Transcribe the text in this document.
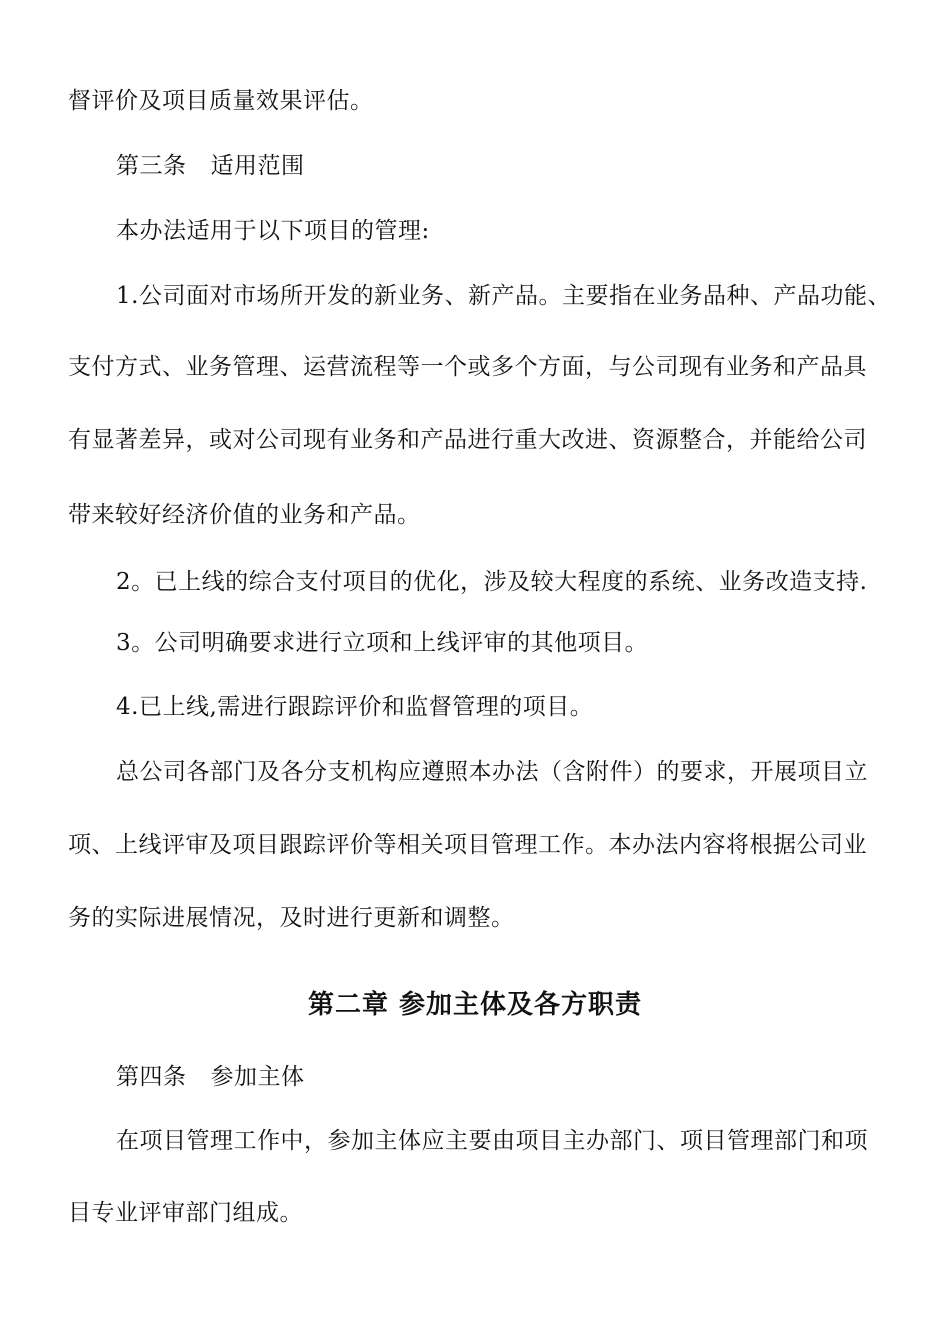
督评价及项目质量效果评估。
第三条 适用范围
本办法适用于以下项目的管理:
1.公司面对市场所开发的新业务、新产品。主要指在业务品种、产品功能、
支付方式、业务管理、运营流程等一个或多个方面，与公司现有业务和产品具
有显著差异，或对公司现有业务和产品进行重大改进、资源整合，并能给公司
带来较好经济价值的业务和产品。
2。已上线的综合支付项目的优化，涉及较大程度的系统、业务改造支持.
3。公司明确要求进行立项和上线评审的其他项目。
4.已上线,需进行跟踪评价和监督管理的项目。
总公司各部门及各分支机构应遵照本办法（含附件）的要求，开展项目立
项、上线评审及项目跟踪评价等相关项目管理工作。本办法内容将根据公司业
务的实际进展情况，及时进行更新和调整。
第二章 参加主体及各方职责
第四条 参加主体
在项目管理工作中，参加主体应主要由项目主办部门、项目管理部门和项
目专业评审部门组成。
